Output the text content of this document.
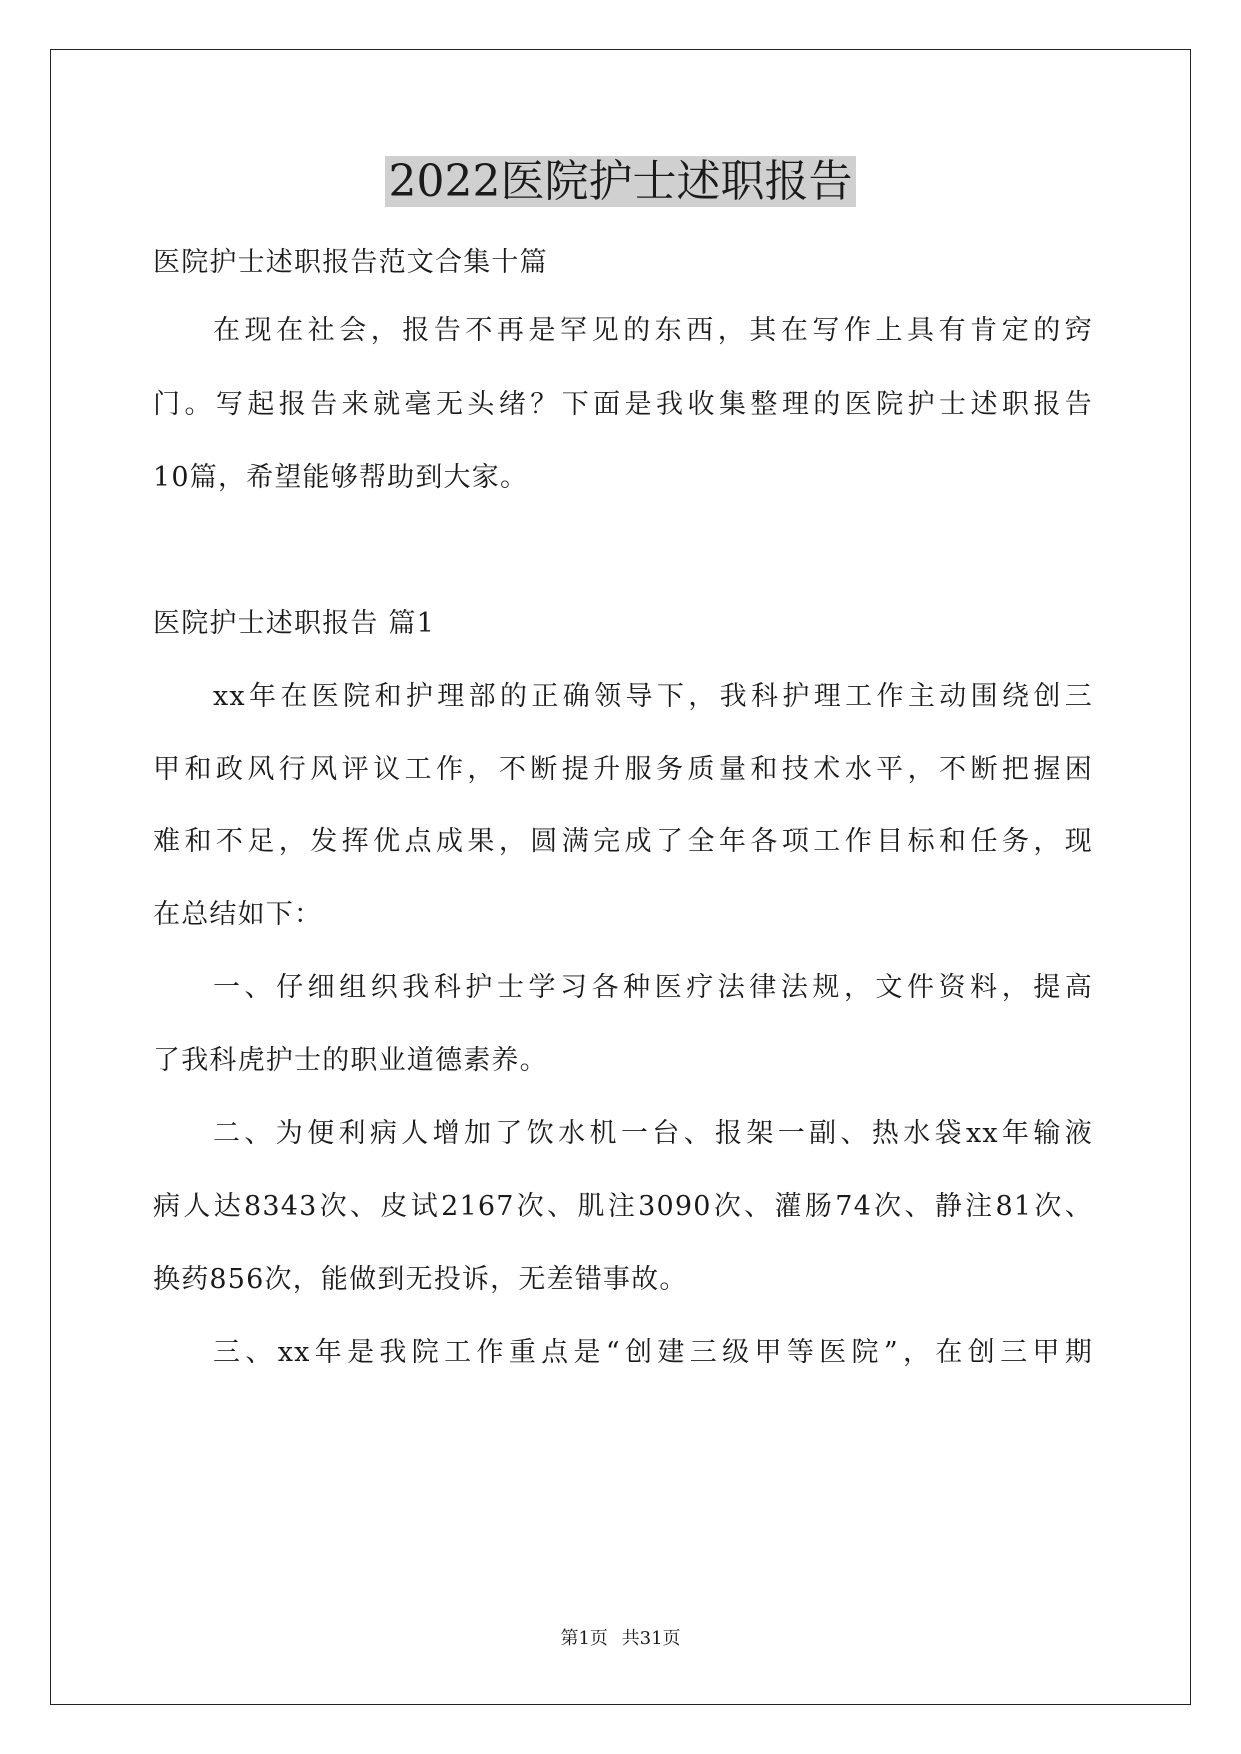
2022医院护士述职报告

医院护士述职报告范文合集十篇

在现在社会，报告不再是罕见的东西，其在写作上具有肯定的窍

门。写起报告来就毫无头绪？下面是我收集整理的医院护士述职报告

10篇，希望能够帮助到大家。

医院护士述职报告 篇1

xx年在医院和护理部的正确领导下，我科护理工作主动围绕创三

甲和政风行风评议工作，不断提升服务质量和技术水平，不断把握困

难和不足，发挥优点成果，圆满完成了全年各项工作目标和任务，现

在总结如下：

一、仔细组织我科护士学习各种医疗法律法规，文件资料，提高

了我科虎护士的职业道德素养。

二、为便利病人增加了饮水机一台、报架一副、热水袋xx年输液

病人达8343次、皮试2167次、肌注3090次、灌肠74次、静注81次、

换药856次，能做到无投诉，无差错事故。

三、xx年是我院工作重点是“创建三级甲等医院”，在创三甲期

第1页 共31页
